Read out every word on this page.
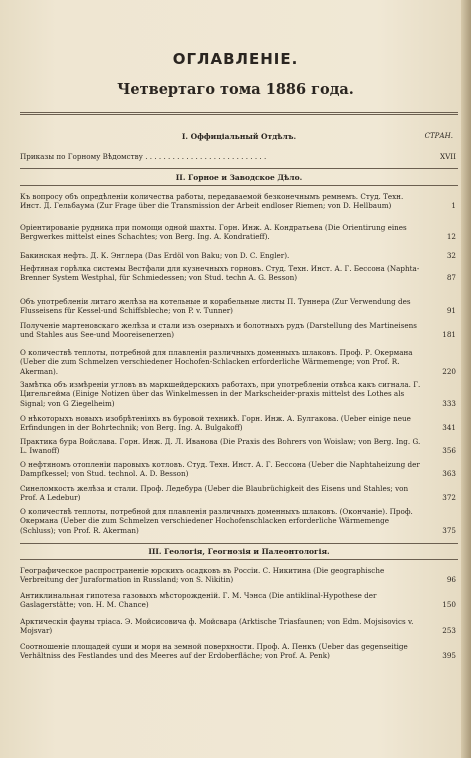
ОГЛАВЛЕНІЕ.
Четвертаго тома 1886 года.
I. Оффиціальный Отдѣлъ.	СТРАН.
Приказы по Горному Вѣдомству . . . . . . . . . . . . . . . . . . . . . . . . . . .	XVII
II. Горное и Заводское Дѣло.
Къ вопросу объ опредѣленіи количества работы, передаваемой безконечнымъ ремнемъ. Студ. Техн. Инст. Д. Гельбаума (Zur Frage über die Transmission der Arbeit endloser Riemen; von D. Hellbaum)	1
Оріентированіе рудника при помощи одной шахты. Горн. Инж. А. Кондратьева (Die Orientirung eines Bergwerkes mittelst eines Schachtes; von Berg. Ing. A. Kondratieff).	12
Бакинская нефть. Д. К. Энглера (Das Erdöl von Baku; von D. C. Engler).	32
Нефтяная горѣлка системы Вестфали для кузнечныхъ горновъ. Студ. Техн. Инст. А. Г. Бессона (Naphta-Brenner System Westphal, für Schmiedessen; von Stud. techn A. G. Besson)	87
Объ употребленіи литаго желѣза на котельные и корабельные листы П. Туннера (Zur Verwendung des Flusseisens für Kessel-und Schiffsbleche; von P. v. Tunner)	91
Полученіе мартеновскаго желѣза и стали изъ озерныхъ и болотныхъ рудъ (Darstellung des Martineisens und Stahles aus See-und Mooreisenerzen)	181
О количествѣ теплоты, потребной для плавленія различныхъ доменныхъ шлаковъ. Проф. Р. Окермана (Ueber die zum Schmelzen verschiedener Hochofen-Schlacken erforderliche Wärmemenge; von Prof. R. Akerman).	220
Замѣтка объ измѣреніи угловъ въ маркшейдерскихъ работахъ, при употребленіи отвѣса какъ сигнала. Г. Цигельгейма (Einige Notizen über das Winkelmessen in der Markscheider-praxis mittelst des Lothes als Signal; von G Ziegelheim)	333
О нѣкоторыхъ новыхъ изобрѣтеніяхъ въ буровой техникѣ. Горн. Инж. А. Булгакова. (Ueber einige neue Erfindungen in der Bohrtechnik; von Berg. Ing. A. Bulgakoff)	341
Практика бура Войслава. Горн. Инж. Д. Л. Иванова (Die Praxis des Bohrers von Woislaw; von Berg. Ing. G. L. Iwanoff)	356
О нефтяномъ отопленіи паровыхъ котловъ. Студ. Техн. Инст. А. Г. Бессона (Ueber die Naphtaheizung der Dampfkessel; von Stud. technol. A. D. Besson)	363
Синеломкость желѣза и стали. Проф. Ледебура (Ueber die Blaubrüchigkeit des Eisens und Stahles; von Prof. A Ledebur)	372
О количествѣ теплоты, потребной для плавленія различныхъ доменныхъ шлаковъ. (Окончаніе). Проф. Окермана (Ueber die zum Schmelzen verschiedener Hochofenschlacken erforderliche Wärmemenge (Schluss); von Prof. R. Akerman)	375
III. Геологія, Геогнозія и Палеонтологія.
Географическое распространеніе юрскихъ осадковъ въ Россіи. С. Никитина (Die geographische Verbreitung der Juraformation in Russland; von S. Nikitin)	96
Антиклинальная гипотеза газовыхъ мѣсторожденій. Г. М. Чэнса (Die antiklinal-Hypothese der Gaslagerstätte; von. H. M. Chance)	150
Арктическія фауны тріаса. Э. Мойсисовича ф. Мойсвара (Arktische Triasfaunen; von Edm. Mojsisovics v. Mojsvar)	253
Соотношеніе площадей суши и моря на земной поверхности. Проф. А. Пенкъ (Ueber das gegenseitige Verhältniss des Festlandes und des Meeres auf der Erdoberfläche; von Prof. A. Penk)	395
